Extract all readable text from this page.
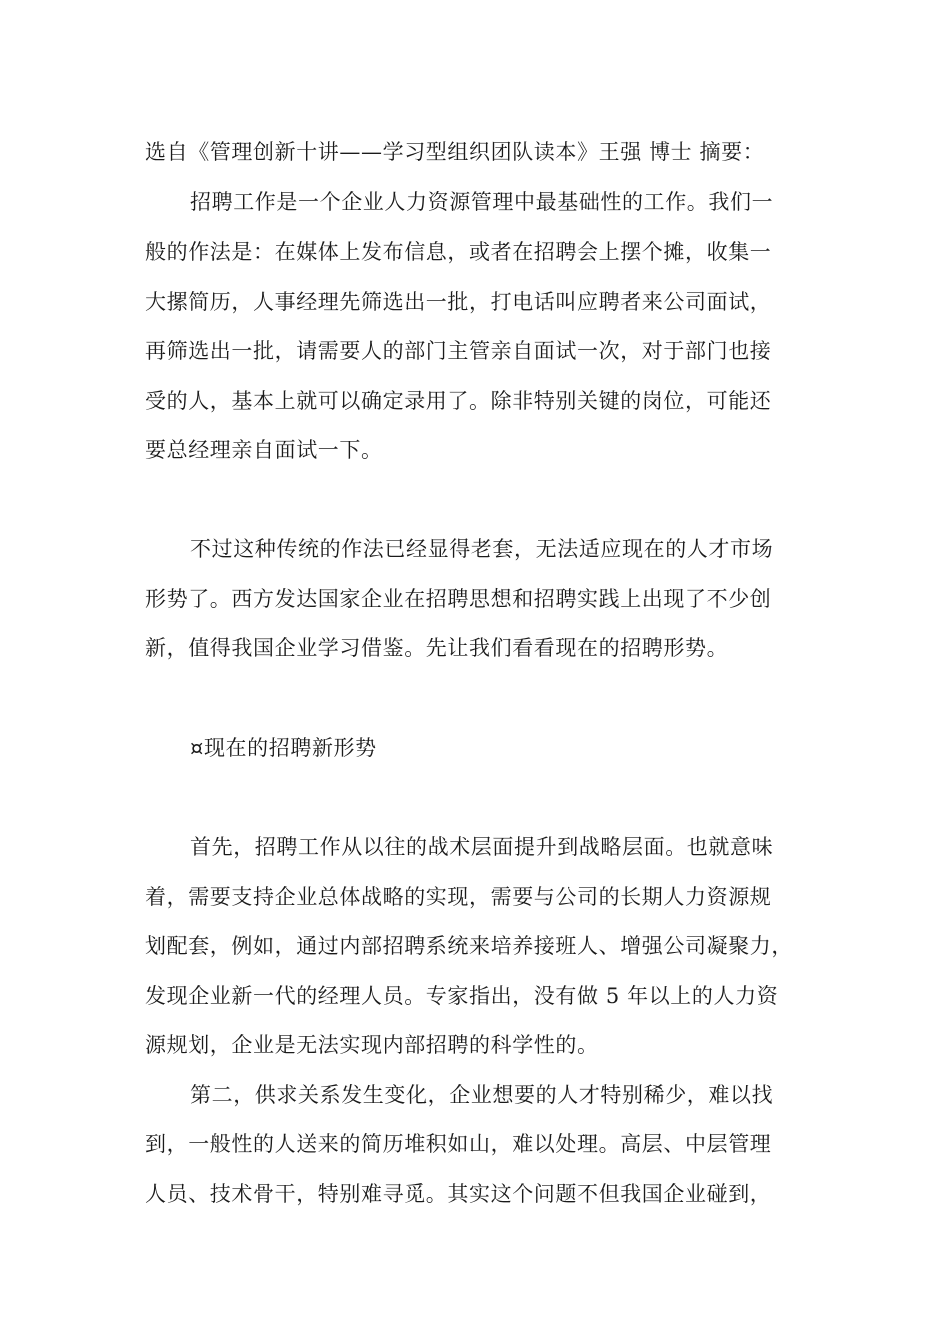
选自《管理创新十讲——学习型组织团队读本》王强 博士 摘要：
招聘工作是一个企业人力资源管理中最基础性的工作。我们一
般的作法是：在媒体上发布信息，或者在招聘会上摆个摊，收集一
大摞简历，人事经理先筛选出一批，打电话叫应聘者来公司面试，
再筛选出一批，请需要人的部门主管亲自面试一次，对于部门也接
受的人，基本上就可以确定录用了。除非特别关键的岗位，可能还
要总经理亲自面试一下。
不过这种传统的作法已经显得老套，无法适应现在的人才市场
形势了。西方发达国家企业在招聘思想和招聘实践上出现了不少创
新，值得我国企业学习借鉴。先让我们看看现在的招聘形势。
¤现在的招聘新形势
首先，招聘工作从以往的战术层面提升到战略层面。也就意味
着，需要支持企业总体战略的实现，需要与公司的长期人力资源规
划配套，例如，通过内部招聘系统来培养接班人、增强公司凝聚力，
发现企业新一代的经理人员。专家指出，没有做 5 年以上的人力资
源规划，企业是无法实现内部招聘的科学性的。
第二，供求关系发生变化，企业想要的人才特别稀少，难以找
到，一般性的人送来的简历堆积如山，难以处理。高层、中层管理
人员、技术骨干，特别难寻觅。其实这个问题不但我国企业碰到，
